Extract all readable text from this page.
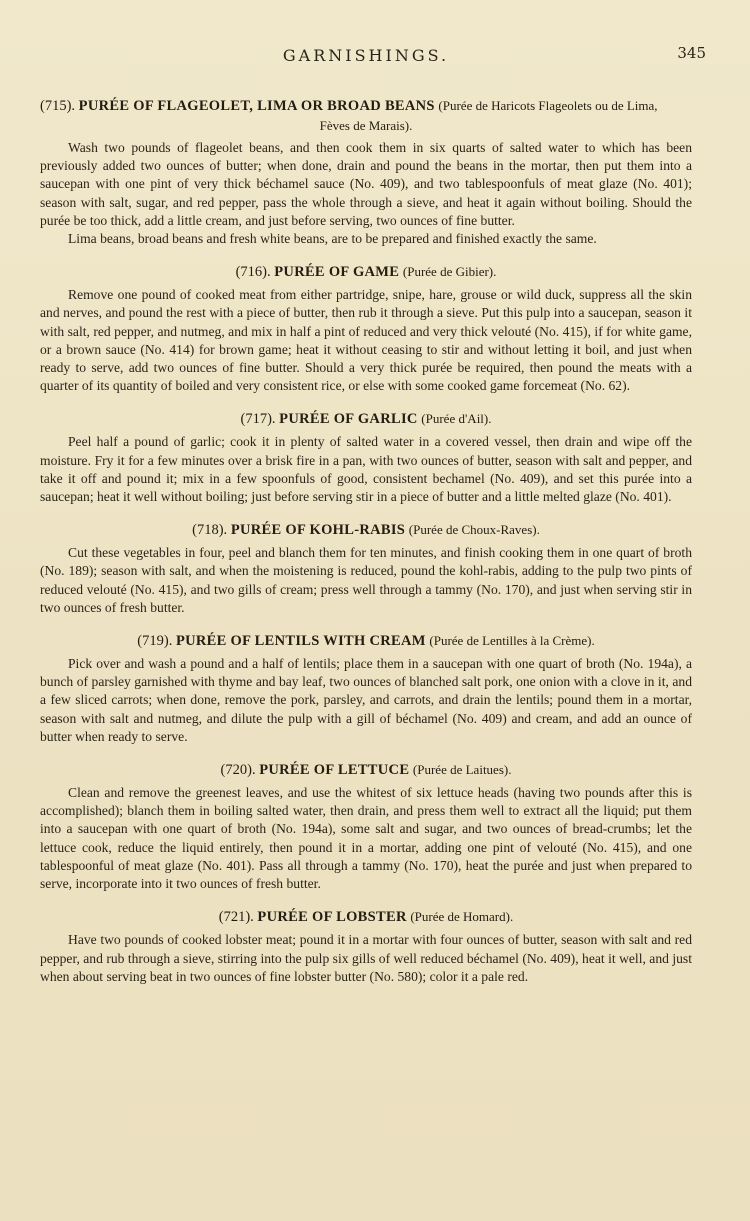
GARNISHINGS.	345
(715). PURÉE OF FLAGEOLET, LIMA OR BROAD BEANS (Purée de Haricots Flageolets ou de Lima,
Fèves de Marais).

Wash two pounds of flageolet beans, and then cook them in six quarts of salted water to which has been previously added two ounces of butter; when done, drain and pound the beans in the mortar, then put them into a saucepan with one pint of very thick béchamel sauce (No. 409), and two tablespoonfuls of meat glaze (No. 401); season with salt, sugar, and red pepper, pass the whole through a sieve, and heat it again without boiling. Should the purée be too thick, add a little cream, and just before serving, two ounces of fine butter.

Lima beans, broad beans and fresh white beans, are to be prepared and finished exactly the same.

(716). PURÉE OF GAME (Purée de Gibier).

Remove one pound of cooked meat from either partridge, snipe, hare, grouse or wild duck, suppress all the skin and nerves, and pound the rest with a piece of butter, then rub it through a sieve. Put this pulp into a saucepan, season it with salt, red pepper, and nutmeg, and mix in half a pint of reduced and very thick velouté (No. 415), if for white game, or a brown sauce (No. 414) for brown game; heat it without ceasing to stir and without letting it boil, and just when ready to serve, add two ounces of fine butter. Should a very thick purée be required, then pound the meats with a quarter of its quantity of boiled and very consistent rice, or else with some cooked game forcemeat (No. 62).

(717). PURÉE OF GARLIC (Purée d'Ail).

Peel half a pound of garlic; cook it in plenty of salted water in a covered vessel, then drain and wipe off the moisture. Fry it for a few minutes over a brisk fire in a pan, with two ounces of butter, season with salt and pepper, and take it off and pound it; mix in a few spoonfuls of good, consistent bechamel (No. 409), and set this purée into a saucepan; heat it well without boiling; just before serving stir in a piece of butter and a little melted glaze (No. 401).

(718). PURÉE OF KOHL-RABIS (Purée de Choux-Raves).

Cut these vegetables in four, peel and blanch them for ten minutes, and finish cooking them in one quart of broth (No. 189); season with salt, and when the moistening is reduced, pound the kohl-rabis, adding to the pulp two pints of reduced velouté (No. 415), and two gills of cream; press well through a tammy (No. 170), and just when serving stir in two ounces of fresh butter.

(719). PURÉE OF LENTILS WITH CREAM (Purée de Lentilles à la Crème).

Pick over and wash a pound and a half of lentils; place them in a saucepan with one quart of broth (No. 194a), a bunch of parsley garnished with thyme and bay leaf, two ounces of blanched salt pork, one onion with a clove in it, and a few sliced carrots; when done, remove the pork, parsley, and carrots, and drain the lentils; pound them in a mortar, season with salt and nutmeg, and dilute the pulp with a gill of béchamel (No. 409) and cream, and add an ounce of butter when ready to serve.

(720). PURÉE OF LETTUCE (Purée de Laitues).

Clean and remove the greenest leaves, and use the whitest of six lettuce heads (having two pounds after this is accomplished); blanch them in boiling salted water, then drain, and press them well to extract all the liquid; put them into a saucepan with one quart of broth (No. 194a), some salt and sugar, and two ounces of bread-crumbs; let the lettuce cook, reduce the liquid entirely, then pound it in a mortar, adding one pint of velouté (No. 415), and one tablespoonful of meat glaze (No. 401). Pass all through a tammy (No. 170), heat the purée and just when prepared to serve, incorporate into it two ounces of fresh butter.

(721). PURÉE OF LOBSTER (Purée de Homard).

Have two pounds of cooked lobster meat; pound it in a mortar with four ounces of butter, season with salt and red pepper, and rub through a sieve, stirring into the pulp six gills of well reduced béchamel (No. 409), heat it well, and just when about serving beat in two ounces of fine lobster butter (No. 580); color it a pale red.
